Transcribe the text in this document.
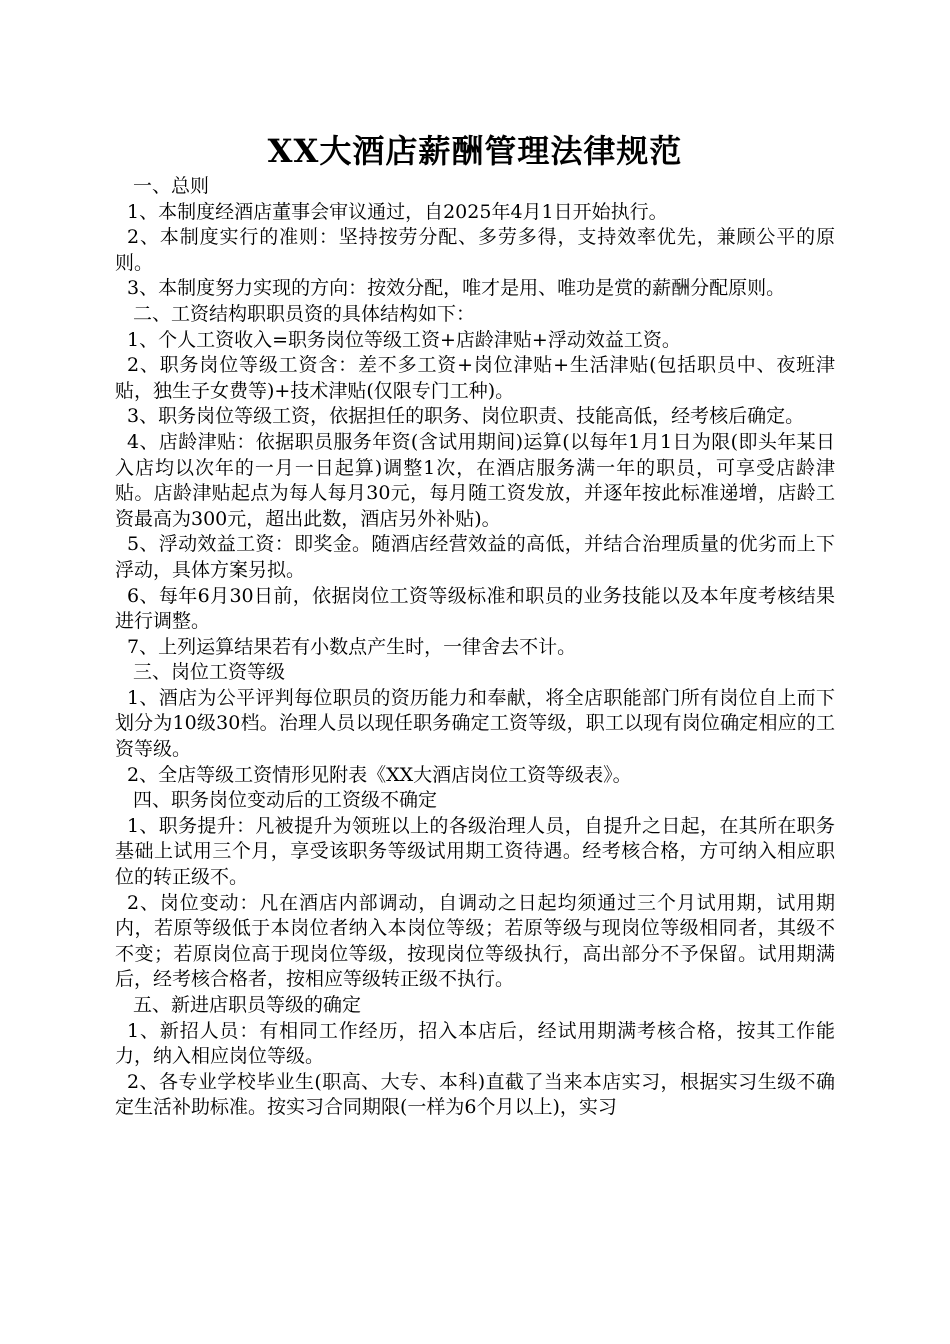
XX大酒店薪酬管理法律规范
一、总则
1、本制度经酒店董事会审议通过，自2025年4月1日开始执行。
2、本制度实行的准则：坚持按劳分配、多劳多得，支持效率优先，兼顾公平的原则。
3、本制度努力实现的方向：按效分配，唯才是用、唯功是赏的薪酬分配原则。
二、工资结构职职员资的具体结构如下：
1、个人工资收入=职务岗位等级工资+店龄津贴+浮动效益工资。
2、职务岗位等级工资含：差不多工资+岗位津贴+生活津贴(包括职员中、夜班津贴，独生子女费等)+技术津贴(仅限专门工种)。
3、职务岗位等级工资，依据担任的职务、岗位职责、技能高低，经考核后确定。
4、店龄津贴：依据职员服务年资(含试用期间)运算(以每年1月1日为限(即头年某日入店均以次年的一月一日起算)调整1次，在酒店服务满一年的职员，可享受店龄津贴。店龄津贴起点为每人每月30元，每月随工资发放，并逐年按此标准递增，店龄工资最高为300元，超出此数，酒店另外补贴)。
5、浮动效益工资：即奖金。随酒店经营效益的高低，并结合治理质量的优劣而上下浮动，具体方案另拟。
6、每年6月30日前，依据岗位工资等级标准和职员的业务技能以及本年度考核结果进行调整。
7、上列运算结果若有小数点产生时，一律舍去不计。
三、岗位工资等级
1、酒店为公平评判每位职员的资历能力和奉献，将全店职能部门所有岗位自上而下划分为10级30档。治理人员以现任职务确定工资等级，职工以现有岗位确定相应的工资等级。
2、全店等级工资情形见附表《XX大酒店岗位工资等级表》。
四、职务岗位变动后的工资级不确定
1、职务提升：凡被提升为领班以上的各级治理人员，自提升之日起，在其所在职务基础上试用三个月，享受该职务等级试用期工资待遇。经考核合格，方可纳入相应职位的转正级不。
2、岗位变动：凡在酒店内部调动，自调动之日起均须通过三个月试用期，试用期内，若原等级低于本岗位者纳入本岗位等级；若原等级与现岗位等级相同者，其级不不变；若原岗位高于现岗位等级，按现岗位等级执行，高出部分不予保留。试用期满后，经考核合格者，按相应等级转正级不执行。
五、新进店职员等级的确定
1、新招人员：有相同工作经历，招入本店后，经试用期满考核合格，按其工作能力，纳入相应岗位等级。
2、各专业学校毕业生(职高、大专、本科)直截了当来本店实习，根据实习生级不确定生活补助标准。按实习合同期限(一样为6个月以上)，实习
